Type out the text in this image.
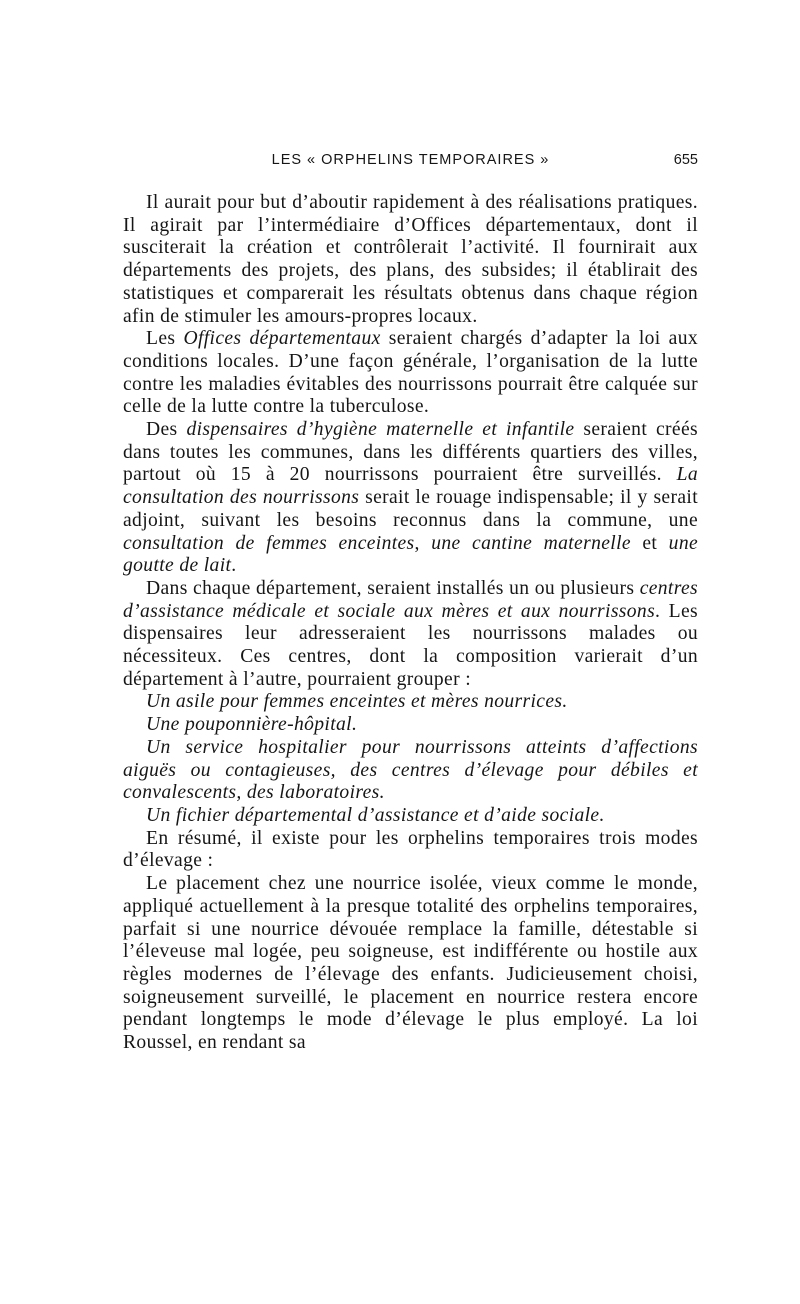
LES « ORPHELINS TEMPORAIRES »	655

Il aurait pour but d’aboutir rapidement à des réalisations pratiques. Il agirait par l’intermédiaire d’Offices départementaux, dont il susciterait la création et contrôlerait l’activité. Il fournirait aux départements des projets, des plans, des subsides; il établirait des statistiques et comparerait les résultats obtenus dans chaque région afin de stimuler les amours-propres locaux.

Les Offices départementaux seraient chargés d’adapter la loi aux conditions locales. D’une façon générale, l’organisation de la lutte contre les maladies évitables des nourrissons pourrait être calquée sur celle de la lutte contre la tuberculose.

Des dispensaires d’hygiène maternelle et infantile seraient créés dans toutes les communes, dans les différents quartiers des villes, partout où 15 à 20 nourrissons pourraient être surveillés. La consultation des nourrissons serait le rouage indispensable; il y serait adjoint, suivant les besoins reconnus dans la commune, une consultation de femmes enceintes, une cantine maternelle et une goutte de lait.

Dans chaque département, seraient installés un ou plusieurs centres d’assistance médicale et sociale aux mères et aux nourrissons. Les dispensaires leur adresseraient les nourrissons malades ou nécessiteux. Ces centres, dont la composition varierait d’un département à l’autre, pourraient grouper :

Un asile pour femmes enceintes et mères nourrices.

Une pouponnière-hôpital.

Un service hospitalier pour nourrissons atteints d’affections aiguës ou contagieuses, des centres d’élevage pour débiles et convalescents, des laboratoires.

Un fichier départemental d’assistance et d’aide sociale.

En résumé, il existe pour les orphelins temporaires trois modes d’élevage :

Le placement chez une nourrice isolée, vieux comme le monde, appliqué actuellement à la presque totalité des orphelins temporaires, parfait si une nourrice dévouée remplace la famille, détestable si l’éleveuse mal logée, peu soigneuse, est indifférente ou hostile aux règles modernes de l’élevage des enfants. Judicieusement choisi, soigneusement surveillé, le placement en nourrice restera encore pendant longtemps le mode d’élevage le plus employé. La loi Roussel, en rendant sa
